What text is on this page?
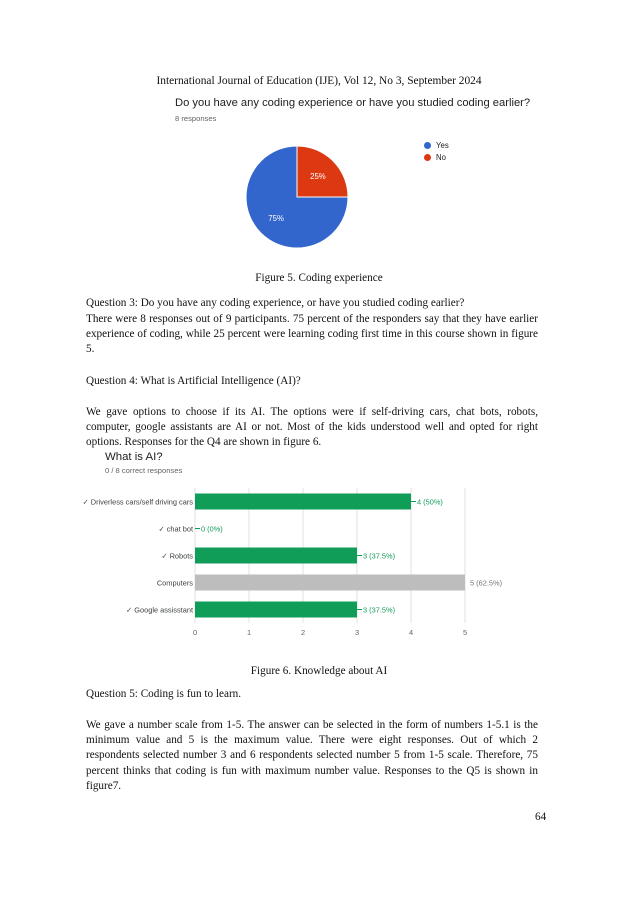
International Journal of Education (IJE), Vol 12, No 3, September 2024
Do you have any coding experience or have you studied coding earlier?
8 responses
25%
75%
Yes
No
Figure 5. Coding experience

Question 3: Do you have any coding experience, or have you studied coding earlier?

There were 8 responses out of 9 participants. 75 percent of the responders say that they have earlier experience of coding, while 25 percent were learning coding first time in this course shown in figure 5.

Question 4: What is Artificial Intelligence (AI)?

We gave options to choose if its AI. The options were if self-driving cars, chat bots, robots, computer, google assistants are AI or not. Most of the kids understood well and opted for right options. Responses for the Q4 are shown in figure 6.

What is AI?
0 / 8 correct responses
✓ Driverless cars/self driving cars	4 (50%)
✓ chat bot 0 (0%)
✓ Robots	3 (37.5%)
Computers	5 (62.5%)
✓ Google assisstant	3 (37.5%)
0	1	2	3	4	5
Figure 6. Knowledge about AI

Question 5: Coding is fun to learn.

We gave a number scale from 1-5. The answer can be selected in the form of numbers 1-5.1 is the minimum value and 5 is the maximum value. There were eight responses. Out of which 2 respondents selected number 3 and 6 respondents selected number 5 from 1-5 scale. Therefore, 75 percent thinks that coding is fun with maximum number value. Responses to the Q5 is shown in figure7.

64
